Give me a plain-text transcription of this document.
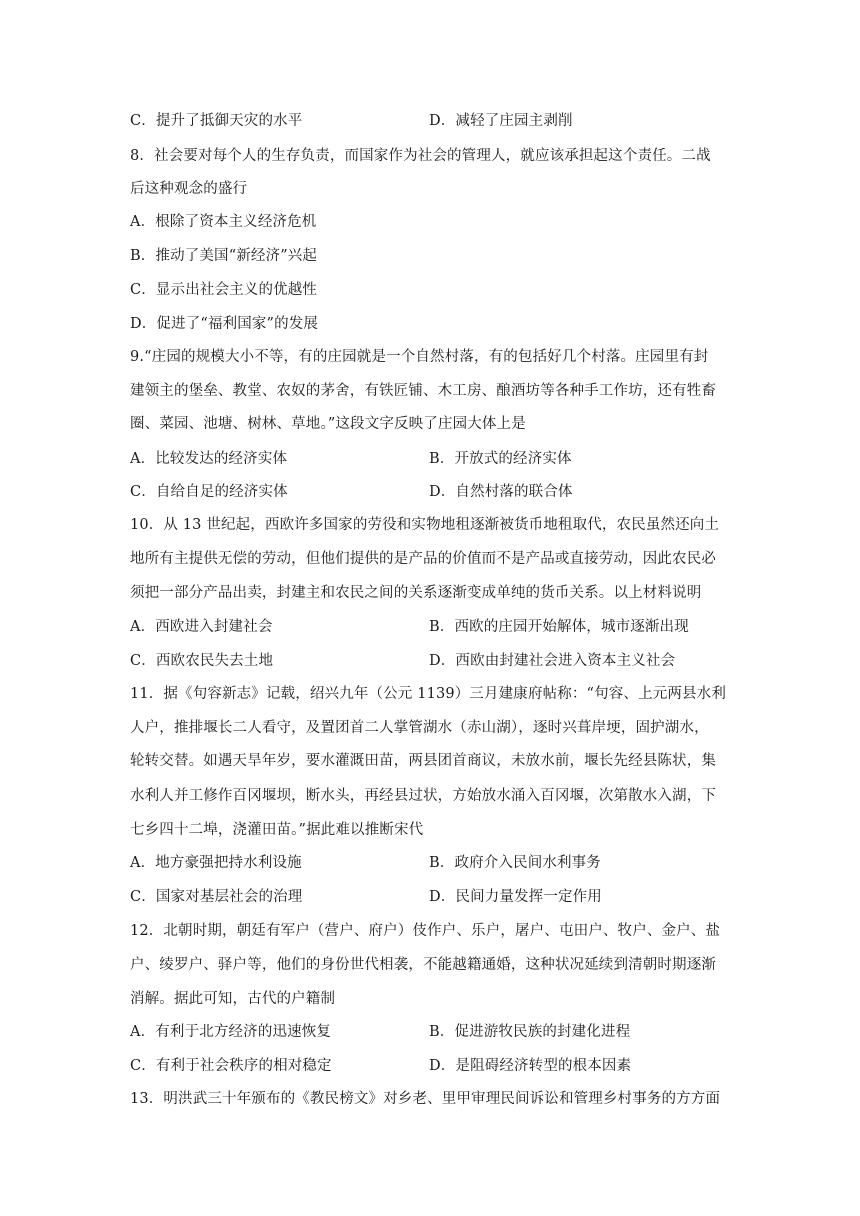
C．提升了抵御天灾的水平	D．减轻了庄园主剥削
8．社会要对每个人的生存负责，而国家作为社会的管理人，就应该承担起这个责任。二战
后这种观念的盛行
A．根除了资本主义经济危机
B．推动了美国“新经济”兴起
C．显示出社会主义的优越性
D．促进了“福利国家”的发展
9.“庄园的规模大小不等，有的庄园就是一个自然村落，有的包括好几个村落。庄园里有封
建领主的堡垒、教堂、农奴的茅舍，有铁匠铺、木工房、酿酒坊等各种手工作坊，还有牲畜
圈、菜园、池塘、树林、草地。”这段文字反映了庄园大体上是
A．比较发达的经济实体	B．开放式的经济实体
C．自给自足的经济实体	D．自然村落的联合体
10．从 13 世纪起，西欧许多国家的劳役和实物地租逐渐被货币地租取代，农民虽然还向土
地所有主提供无偿的劳动，但他们提供的是产品的价值而不是产品或直接劳动，因此农民必
须把一部分产品出卖，封建主和农民之间的关系逐渐变成单纯的货币关系。以上材料说明
A．西欧进入封建社会	B．西欧的庄园开始解体，城市逐渐出现
C．西欧农民失去土地	D．西欧由封建社会进入资本主义社会
11．据《句容新志》记载，绍兴九年（公元 1139）三月建康府帖称：“句容、上元两县水利
人户，推排堰长二人看守，及置团首二人掌管湖水（赤山湖），逐时兴葺岸埂，固护湖水，
轮转交替。如遇天旱年岁，要水灌溉田苗，两县团首商议，未放水前，堰长先经县陈状，集
水利人并工修作百冈堰坝，断水头，再经县过状，方始放水涌入百冈堰，次第散水入湖，下
七乡四十二埠，浇灌田苗。”据此难以推断宋代
A．地方豪强把持水利设施	B．政府介入民间水利事务
C．国家对基层社会的治理	D．民间力量发挥一定作用
12．北朝时期，朝廷有军户（营户、府户）伎作户、乐户，屠户、屯田户、牧户、金户、盐
户、绫罗户、驿户等，他们的身份世代相袭，不能越籍通婚，这种状况延续到清朝时期逐渐
消解。据此可知，古代的户籍制
A．有利于北方经济的迅速恢复	B．促进游牧民族的封建化进程
C．有利于社会秩序的相对稳定	D．是阻碍经济转型的根本因素
13．明洪武三十年颁布的《教民榜文》对乡老、里甲审理民间诉讼和管理乡村事务的方方面
